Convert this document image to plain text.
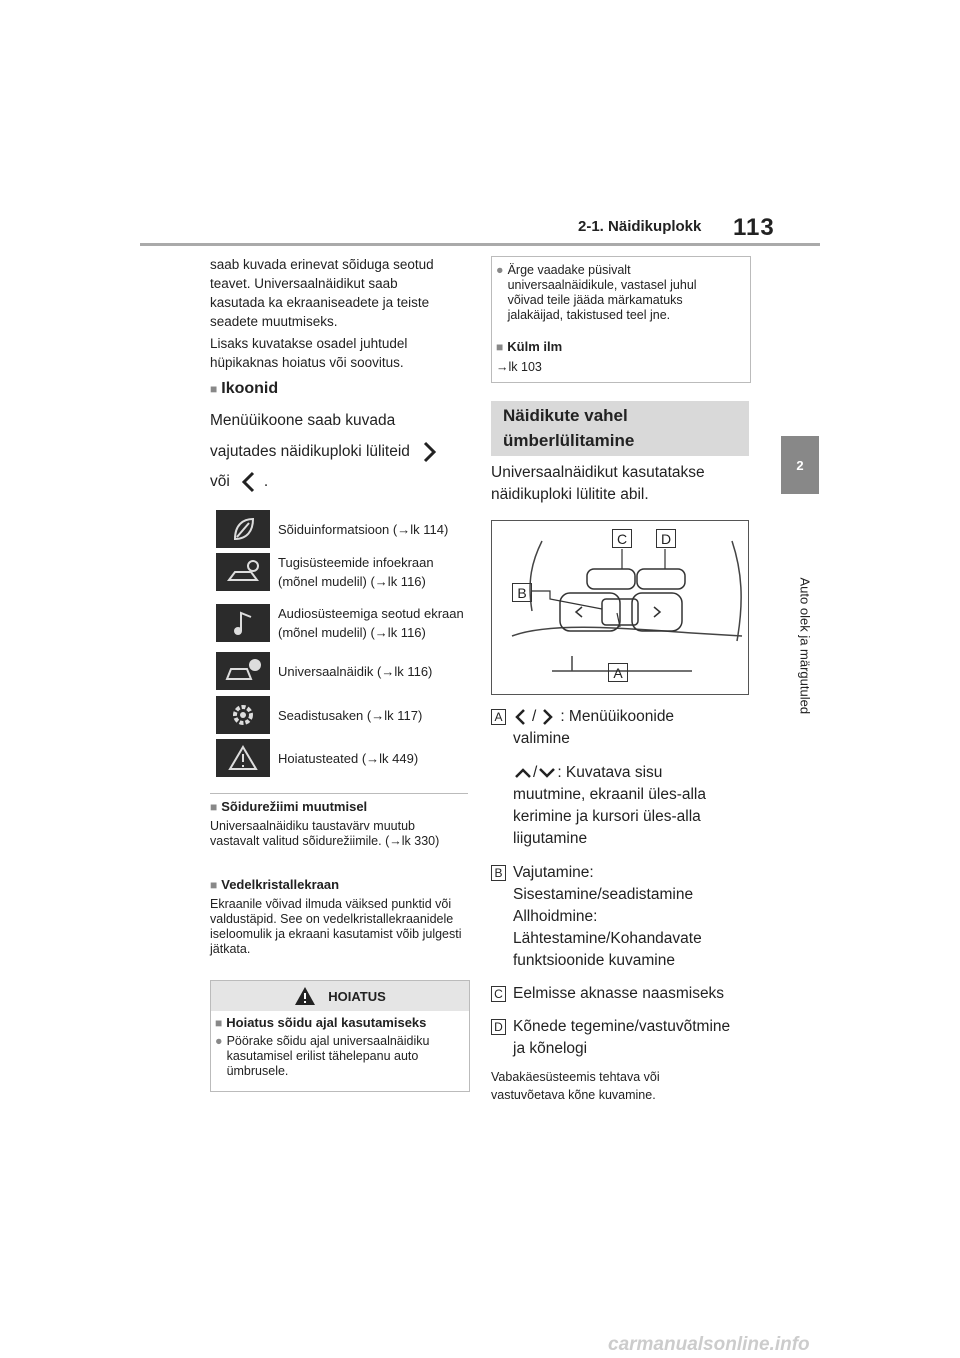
2-1. Näidikuplokk 113
2
Auto olek ja märgutuled
saab kuvada erinevat sõiduga seotud
teavet. Universaalnäidikut saab
kasutada ka ekraaniseadete ja teiste
seadete muutmiseks.
Lisaks kuvatakse osadel juhtudel
hüpikaknas hoiatus või soovitus.
■ Ikoonid
Menüüikoone saab kuvada
vajutades näidikuploki lüliteid
või .
Sõiduinformatsioon (→lk 114)
Tugisüsteemide infoekraan (mõnel mudelil) (→lk 116)
Audiosüsteemiga seotud ekraan (mõnel mudelil) (→lk 116)
Universaalnäidik (→lk 116)
Seadistusaken (→lk 117)
Hoiatusteated (→lk 449)
■ Sõidurežiimi muutmisel
Universaalnäidiku taustavärv muutub vastavalt valitud sõidurežiimile. (→lk 330)
■ Vedelkristallekraan
Ekraanile võivad ilmuda väiksed punktid või valdustäpid. See on vedelkristallekraanidele iseloomulik ja ekraani kasutamist võib julgesti jätkata.
HOIATUS
■ Hoiatus sõidu ajal kasutamiseks
● Pöörake sõidu ajal universaalnäidiku kasutamisel erilist tähelepanu auto ümbrusele.
● Ärge vaadake püsivalt universaalnäidikule, vastasel juhul võivad teile jääda märkamatuks jalakäijad, takistused teel jne.
■ Külm ilm
→lk 103
Näidikute vahel ümberlülitamine
Universaalnäidikut kasutatakse
näidikuploki lülitite abil.
C	D
B
A
A / : Menüüikoonide
valimine
/ : Kuvatava sisu
muutmine, ekraanil üles-alla
kerimine ja kursori üles-alla
liigutamine
B Vajutamine:
Sisestamine/seadistamine
Allhoidmine:
Lähtestamine/Kohandavate
funktsioonide kuvamine
C Eelmisse aknasse naasmiseks
D Kõnede tegemine/vastuvõtmine
ja kõnelogi
Vabakäesüsteemis tehtava või
vastuvõetava kõne kuvamine.
carmanualsonline.info
